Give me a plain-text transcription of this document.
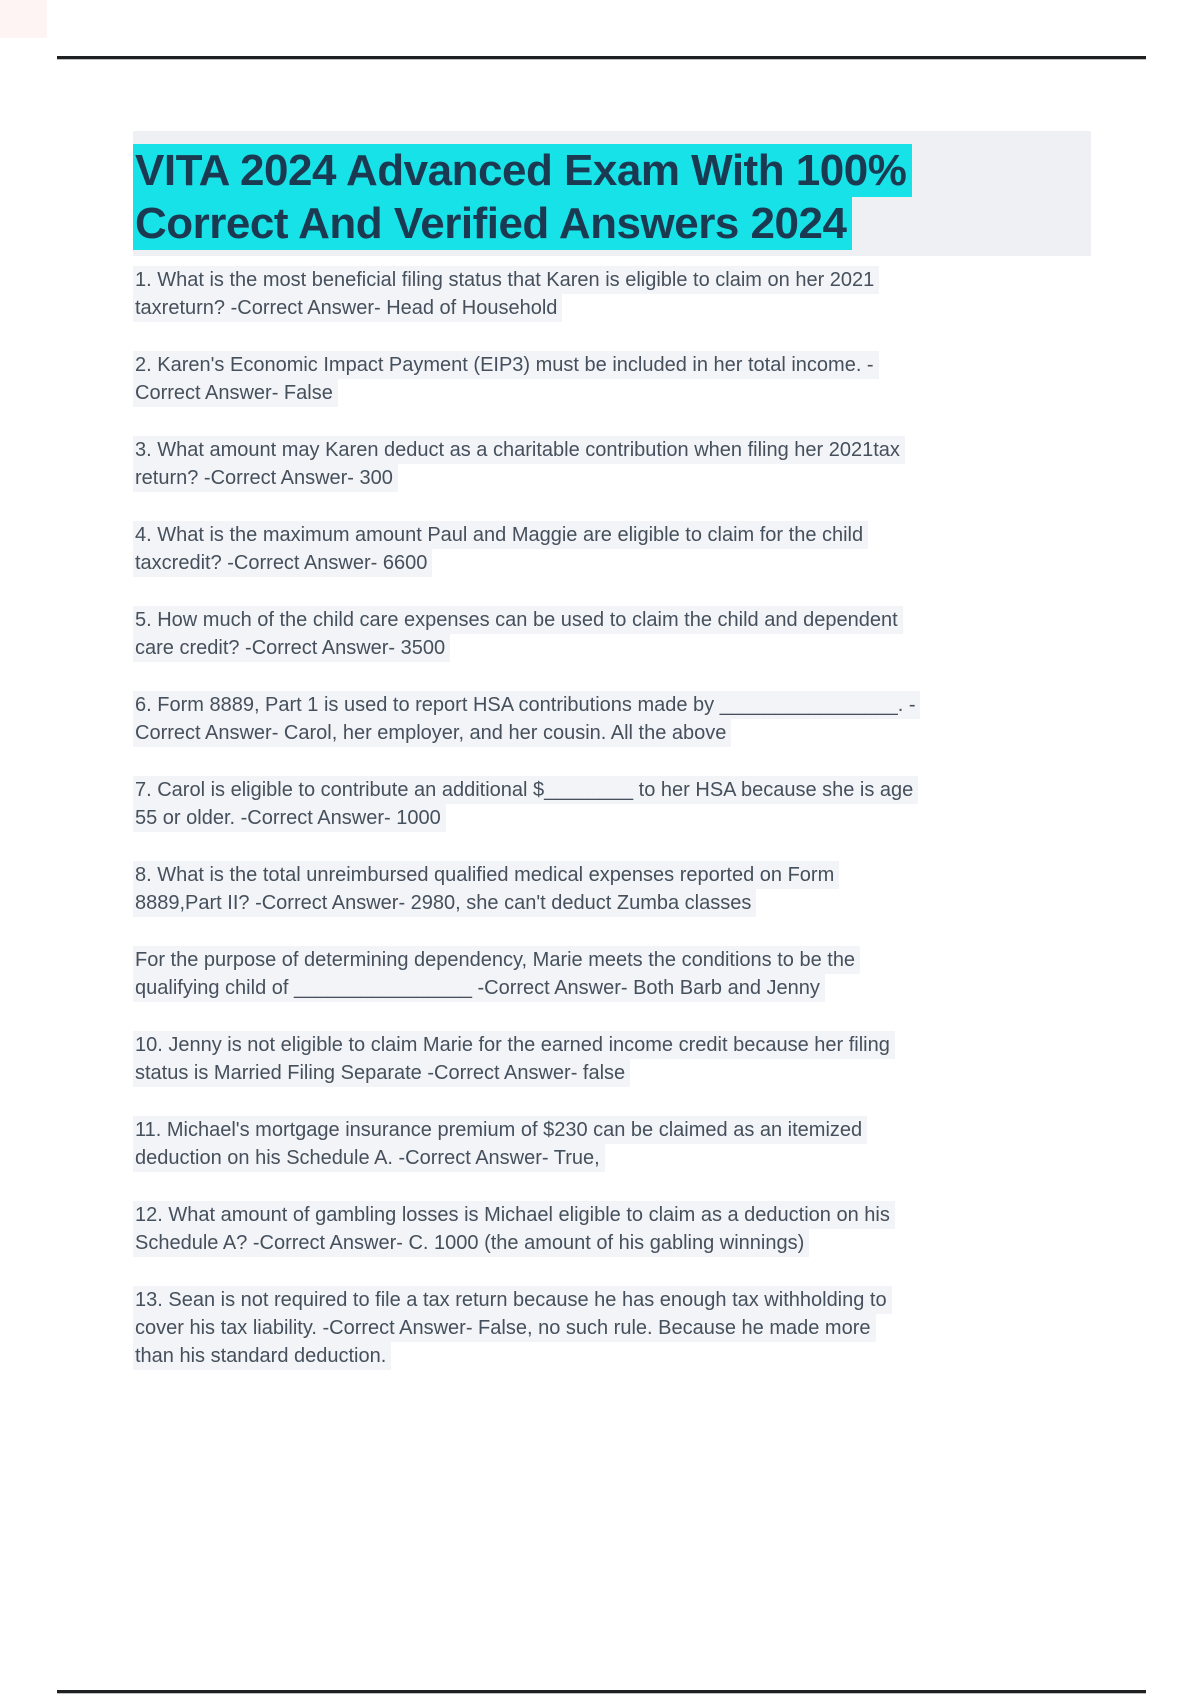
VITA 2024 Advanced Exam With 100%
Correct And Verified Answers 2024
1. What is the most beneficial filing status that Karen is eligible to claim on her 2021
taxreturn? -Correct Answer- Head of Household
2. Karen's Economic Impact Payment (EIP3) must be included in her total income. -
Correct Answer- False
3. What amount may Karen deduct as a charitable contribution when filing her 2021tax
return? -Correct Answer- 300
4. What is the maximum amount Paul and Maggie are eligible to claim for the child
taxcredit? -Correct Answer- 6600
5. How much of the child care expenses can be used to claim the child and dependent
care credit? -Correct Answer- 3500
6. Form 8889, Part 1 is used to report HSA contributions made by ________________. -
Correct Answer- Carol, her employer, and her cousin. All the above
7. Carol is eligible to contribute an additional $________ to her HSA because she is age
55 or older. -Correct Answer- 1000
8. What is the total unreimbursed qualified medical expenses reported on Form
8889,Part II? -Correct Answer- 2980, she can't deduct Zumba classes
For the purpose of determining dependency, Marie meets the conditions to be the
qualifying child of ________________ -Correct Answer- Both Barb and Jenny
10. Jenny is not eligible to claim Marie for the earned income credit because her filing
status is Married Filing Separate -Correct Answer- false
11. Michael's mortgage insurance premium of $230 can be claimed as an itemized
deduction on his Schedule A. -Correct Answer- True,
12. What amount of gambling losses is Michael eligible to claim as a deduction on his
Schedule A? -Correct Answer- C. 1000 (the amount of his gabling winnings)
13. Sean is not required to file a tax return because he has enough tax withholding to
cover his tax liability. -Correct Answer- False, no such rule. Because he made more
than his standard deduction.
